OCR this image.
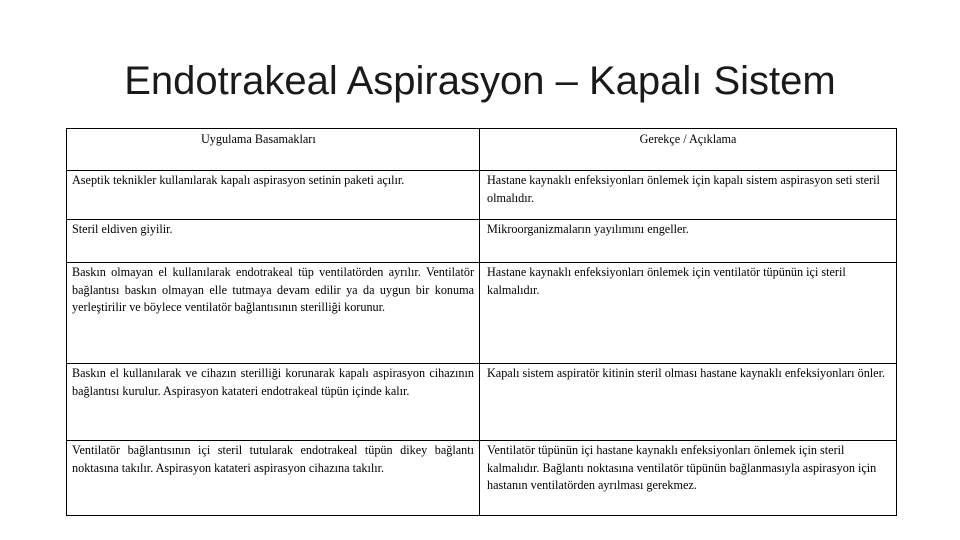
Endotrakeal Aspirasyon – Kapalı Sistem
Uygulama Basamakları	Gerekçe / Açıklama
Aseptik teknikler kullanılarak kapalı aspirasyon setinin paketi açılır.	Hastane kaynaklı enfeksiyonları önlemek için kapalı sistem aspirasyon seti steril olmalıdır.
Steril eldiven giyilir.	Mikroorganizmaların yayılımını engeller.
Baskın olmayan el kullanılarak endotrakeal tüp ventilatörden ayrılır. Ventilatör bağlantısı baskın olmayan elle tutmaya devam edilir ya da uygun bir konuma yerleştirilir ve böylece ventilatör bağlantısının sterilliği korunur.	Hastane kaynaklı enfeksiyonları önlemek için ventilatör tüpünün içi steril kalmalıdır.
Baskın el kullanılarak ve cihazın sterilliği korunarak kapalı aspirasyon cihazının bağlantısı kurulur. Aspirasyon katateri endotrakeal tüpün içinde kalır.	Kapalı sistem aspiratör kitinin steril olması hastane kaynaklı enfeksiyonları önler.
Ventilatör bağlantısının içi steril tutularak endotrakeal tüpün dikey bağlantı noktasına takılır. Aspirasyon katateri aspirasyon cihazına takılır.	Ventilatör tüpünün içi hastane kaynaklı enfeksiyonları önlemek için steril kalmalıdır. Bağlantı noktasına ventilatör tüpünün bağlanmasıyla aspirasyon için hastanın ventilatörden ayrılması gerekmez.
